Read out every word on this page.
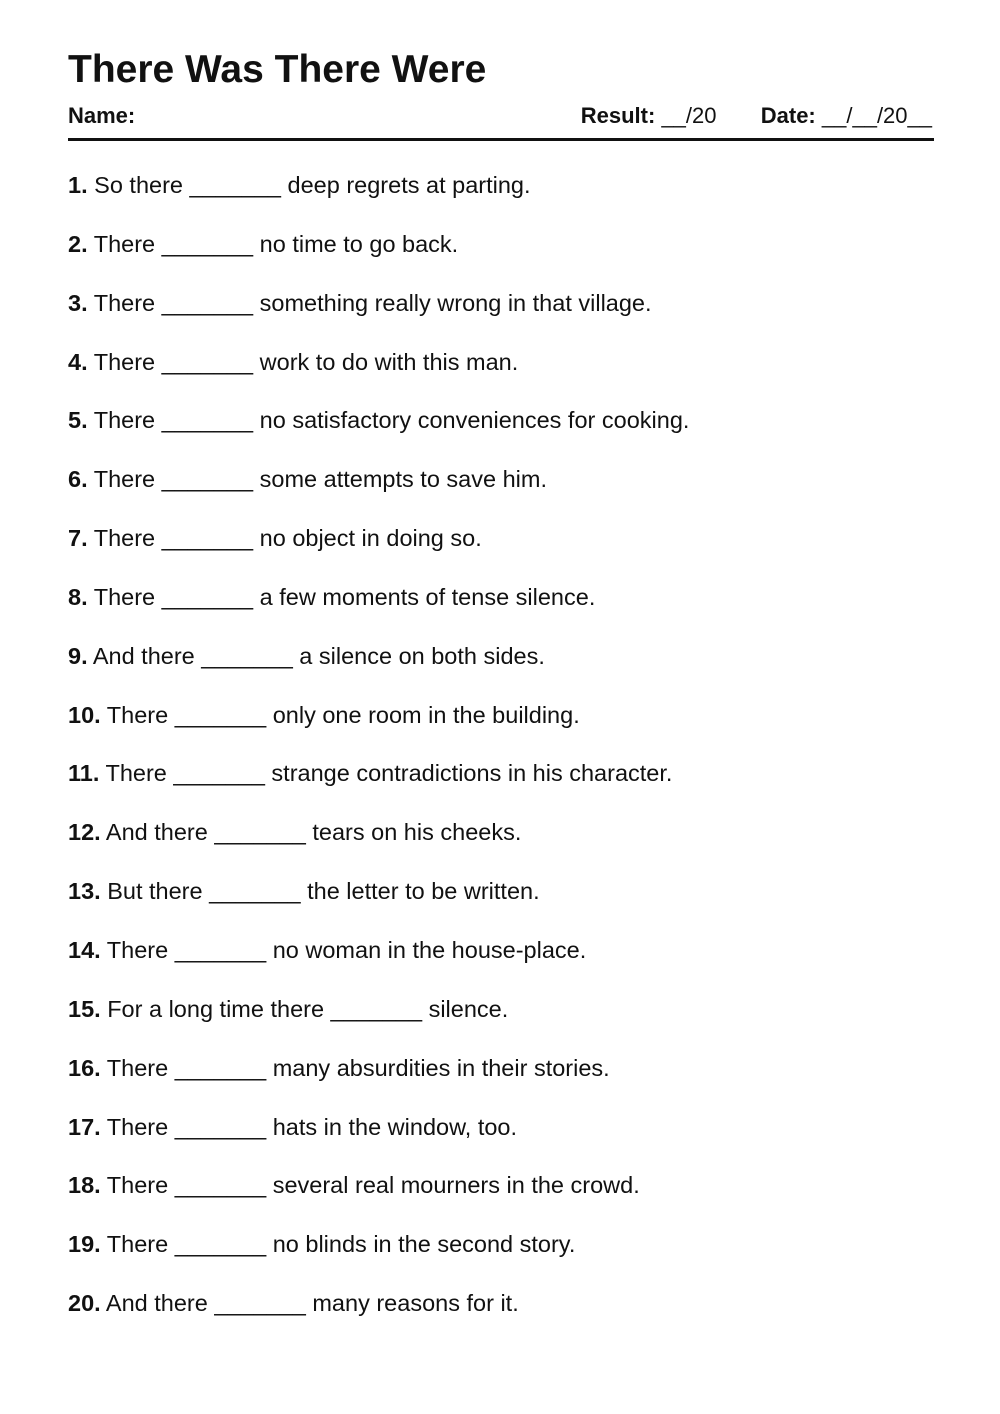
There Was There Were
Name:	Result: __/20 Date: __/__/20__
1. So there _______ deep regrets at parting.
2. There _______ no time to go back.
3. There _______ something really wrong in that village.
4. There _______ work to do with this man.
5. There _______ no satisfactory conveniences for cooking.
6. There _______ some attempts to save him.
7. There _______ no object in doing so.
8. There _______ a few moments of tense silence.
9. And there _______ a silence on both sides.
10. There _______ only one room in the building.
11. There _______ strange contradictions in his character.
12. And there _______ tears on his cheeks.
13. But there _______ the letter to be written.
14. There _______ no woman in the house-place.
15. For a long time there _______ silence.
16. There _______ many absurdities in their stories.
17. There _______ hats in the window, too.
18. There _______ several real mourners in the crowd.
19. There _______ no blinds in the second story.
20. And there _______ many reasons for it.
